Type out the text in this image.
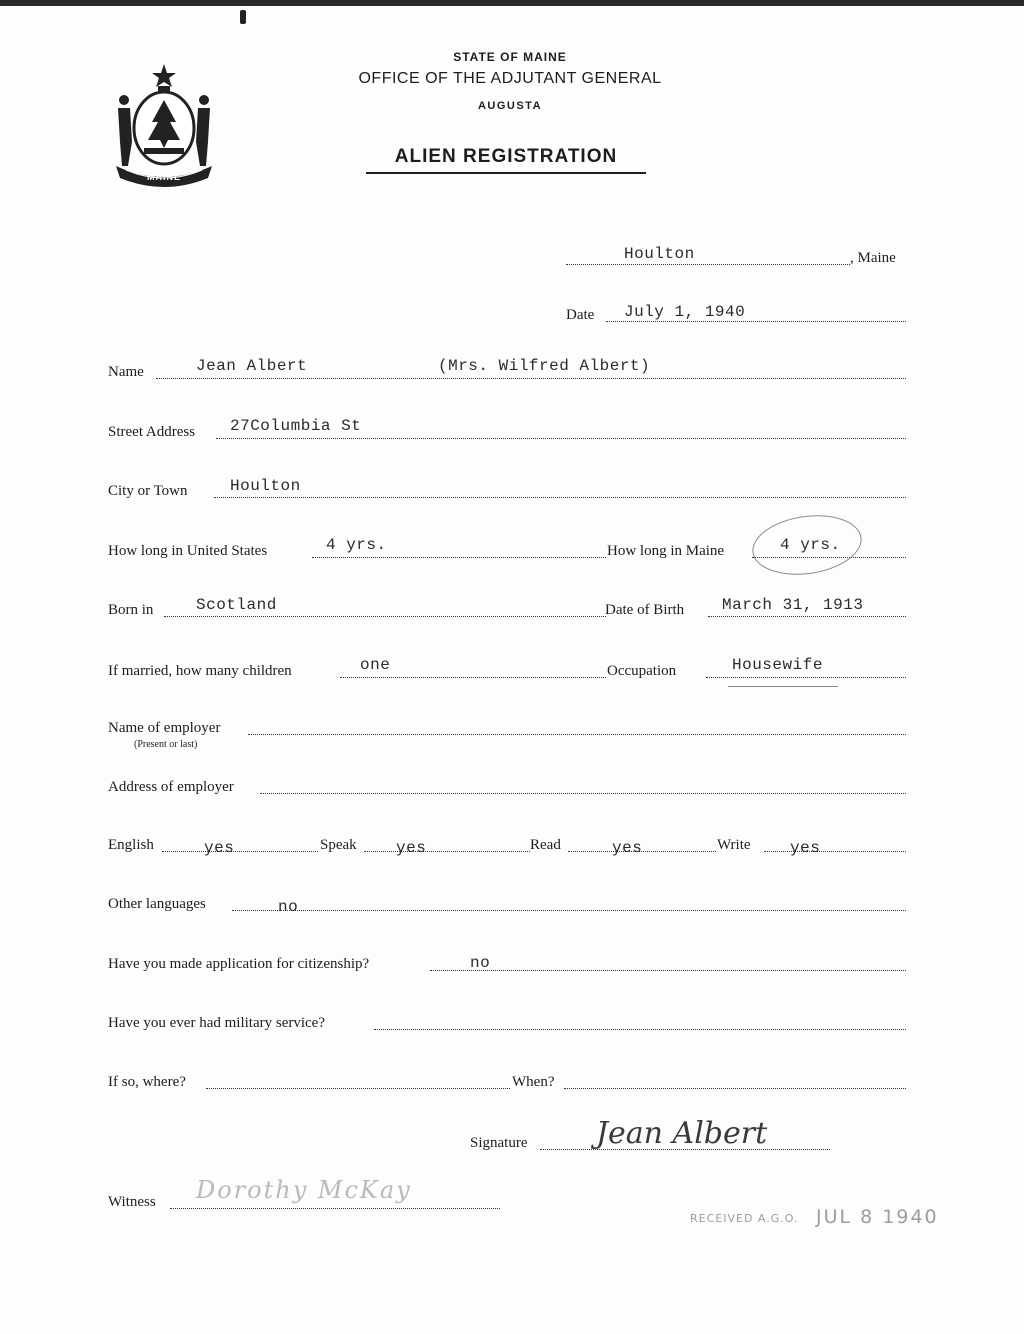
MAINE
STATE OF MAINE
OFFICE OF THE ADJUTANT GENERAL
AUGUSTA
ALIEN REGISTRATION
Houlton	, Maine
Date July 1, 1940
Name	Jean Albert	(Mrs. Wilfred Albert)
Street Address 27Columbia St
City or Town	Houlton
How long in United States	4 yrs.	How long in Maine	4 yrs.
Born in	Scotland	Date of Birth March 31, 1913
If married, how many children	one	Occupation	Housewife
Name of employer
(Present or last)
Address of employer
English	yes	Speak yes	Read	yes	Write yes
Other languages	no
Have you made application for citizenship?	no
Have you ever had military service?
If so, where?	When?
Signature Jean Albert
Witness Dorothy McKay
RECEIVED A.G.O. JUL 8 1940
